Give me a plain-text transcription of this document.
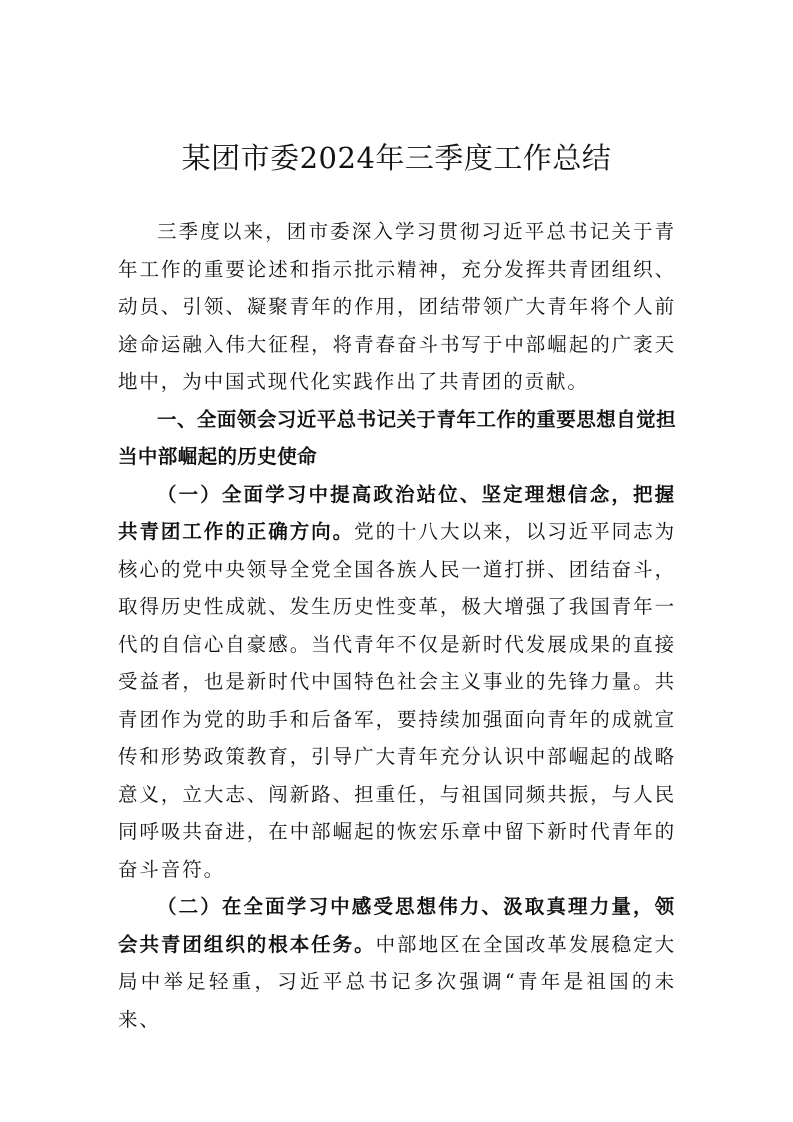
某团市委2024年三季度工作总结

三季度以来，团市委深入学习贯彻习近平总书记关于青年工作的重要论述和指示批示精神，充分发挥共青团组织、动员、引领、凝聚青年的作用，团结带领广大青年将个人前途命运融入伟大征程，将青春奋斗书写于中部崛起的广袤天地中，为中国式现代化实践作出了共青团的贡献。

一、全面领会习近平总书记关于青年工作的重要思想自觉担当中部崛起的历史使命

（一）全面学习中提高政治站位、坚定理想信念，把握共青团工作的正确方向。党的十八大以来，以习近平同志为核心的党中央领导全党全国各族人民一道打拼、团结奋斗，取得历史性成就、发生历史性变革，极大增强了我国青年一代的自信心自豪感。当代青年不仅是新时代发展成果的直接受益者，也是新时代中国特色社会主义事业的先锋力量。共青团作为党的助手和后备军，要持续加强面向青年的成就宣传和形势政策教育，引导广大青年充分认识中部崛起的战略意义，立大志、闯新路、担重任，与祖国同频共振，与人民同呼吸共奋进，在中部崛起的恢宏乐章中留下新时代青年的奋斗音符。

（二）在全面学习中感受思想伟力、汲取真理力量，领会共青团组织的根本任务。中部地区在全国改革发展稳定大局中举足轻重，习近平总书记多次强调“青年是祖国的未来、
